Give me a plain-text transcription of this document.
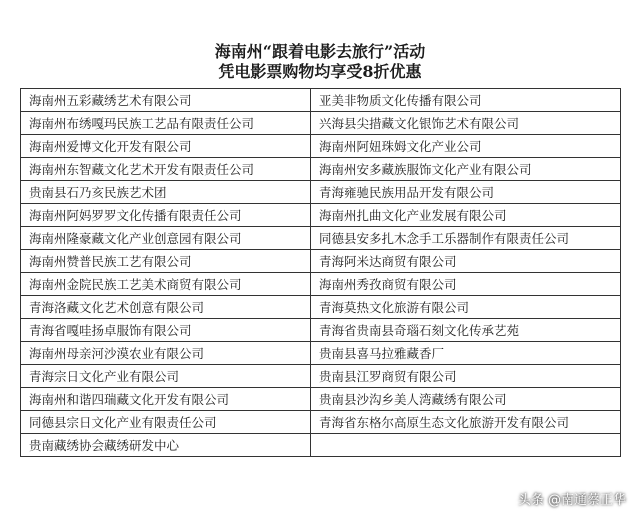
海南州“跟着电影去旅行”活动
凭电影票购物均享受8折优惠
海南州五彩藏绣艺术有限公司	亚美非物质文化传播有限公司
海南州布绣嘎玛民族工艺品有限责任公司	兴海县尖措藏文化银饰艺术有限公司
海南州爱博文化开发有限公司	海南州阿妞珠姆文化产业公司
海南州东智藏文化艺术开发有限责任公司	海南州安多藏族服饰文化产业有限公司
贵南县石乃亥民族艺术团	青海雍驰民族用品开发有限公司
海南州阿妈罗罗文化传播有限责任公司	海南州扎曲文化产业发展有限公司
海南州隆豪藏文化产业创意园有限公司	同德县安多扎木念手工乐器制作有限责任公司
海南州赞普民族工艺有限公司	青海阿米达商贸有限公司
海南州金院民族工艺美术商贸有限公司	海南州秀孜商贸有限公司
青海洛藏文化艺术创意有限公司	青海莫热文化旅游有限公司
青海省嘎哇扬卓服饰有限公司	青海省贵南县奇瑙石刻文化传承艺苑
海南州母亲河沙漠农业有限公司	贵南县喜马拉雅藏香厂
青海宗日文化产业有限公司	贵南县江罗商贸有限公司
海南州和谐四瑞藏文化开发有限公司	贵南县沙沟乡美人湾藏绣有限公司
同德县宗日文化产业有限责任公司	青海省东格尔高原生态文化旅游开发有限公司
贵南藏绣协会藏绣研发中心	
头条 @南通蔡正华
